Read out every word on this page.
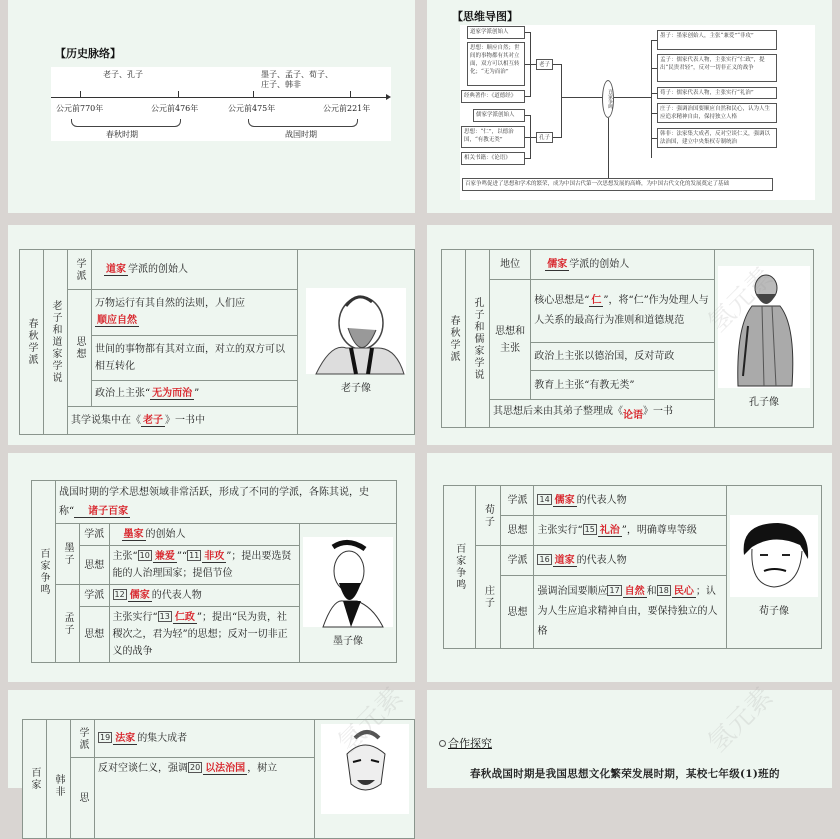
【历史脉络】
老子、孔子	墨子、孟子、荀子、
庄子、韩非
公元前770年	公元前476年	公元前475年	公元前221年
春秋时期	战国时期
【思维导图】
道家学派创始人
思想：顺应自然；世间的事物都有其对立面，双方可以相互转化；“无为而治”
经典著作：《道德经》
老子
儒家学派创始人
思想：“仁”，以德治国，“有教无类”
相关书籍：《论语》
孔子
百家争鸣
墨子：墨家创始人，主张“兼爱”“非攻”
孟子：儒家代表人物，主张实行“仁政”，提出“民贵君轻”，反对一切非正义的战争
荀子：儒家代表人物，主张实行“礼治”
庄子：强调治国要顺应自然和民心，认为人生应追求精神自由，保持独立人格
韩非：法家集大成者，反对空谈仁义，强调以法治国，建立中央集权专制统治
百家争鸣促进了思想和学术的繁荣，成为中国古代第一次思想发展的高峰，为中国古代文化的发展奠定了基础
春秋学派	老子和道家学说	学派	道家 学派的创始人	老子像

		思想	万物运行有其自然的法则，人们应
顺应自然	
			世间的事物都有其对立面，对立的双方可以相互转化	
			政治上主张“ 无为而治 ”	
		其学说集中在《 老子 》一书中		
春秋学派	孔子和儒家学说	地位	儒家 学派的创始人	孔子像

		思想和主张	核心思想是“ 仁 ”，将“仁”作为处理人与人关系的最高行为准则和道德规范	
			政治上主张以德治国，反对苛政	
			教育上主张“有教无类”	
		其思想后来由其弟子整理成《论语》一书		
百家争鸣	战国时期的学术思想领域非常活跃，形成了不同的学派，各陈其说，史称“ 诸子百家			
	墨子	学派	墨家 的创始人	墨子像

		思想	主张“ 10 兼爱 ”“ 11 非攻 ”；提出要选贤能的人治理国家；提倡节俭	
	孟子	学派	12 儒家 的代表人物	
		思想	主张实行“ 13 仁政 ”；提出“民为贵，社稷次之，君为轻”的思想；反对一切非正义的战争	
百家争鸣	荀子	学派	14 儒家 的代表人物	荀子像

		思想	主张实行“ 15 礼治 ”，明确尊卑等级	
	庄子	学派	16 道家 的代表人物	
		思想	强调治国要顺应 17 自然 和 18 民心 ；认为人生应追求精神自由，要保持独立的人格	
百家	韩非	学派	19 法家 的集大成者	

		思	反对空谈仁义，强调 20 以法治国 ，树立	
合作探究
春秋战国时期是我国思想文化繁荣发展时期，某校七年级(1)班的
